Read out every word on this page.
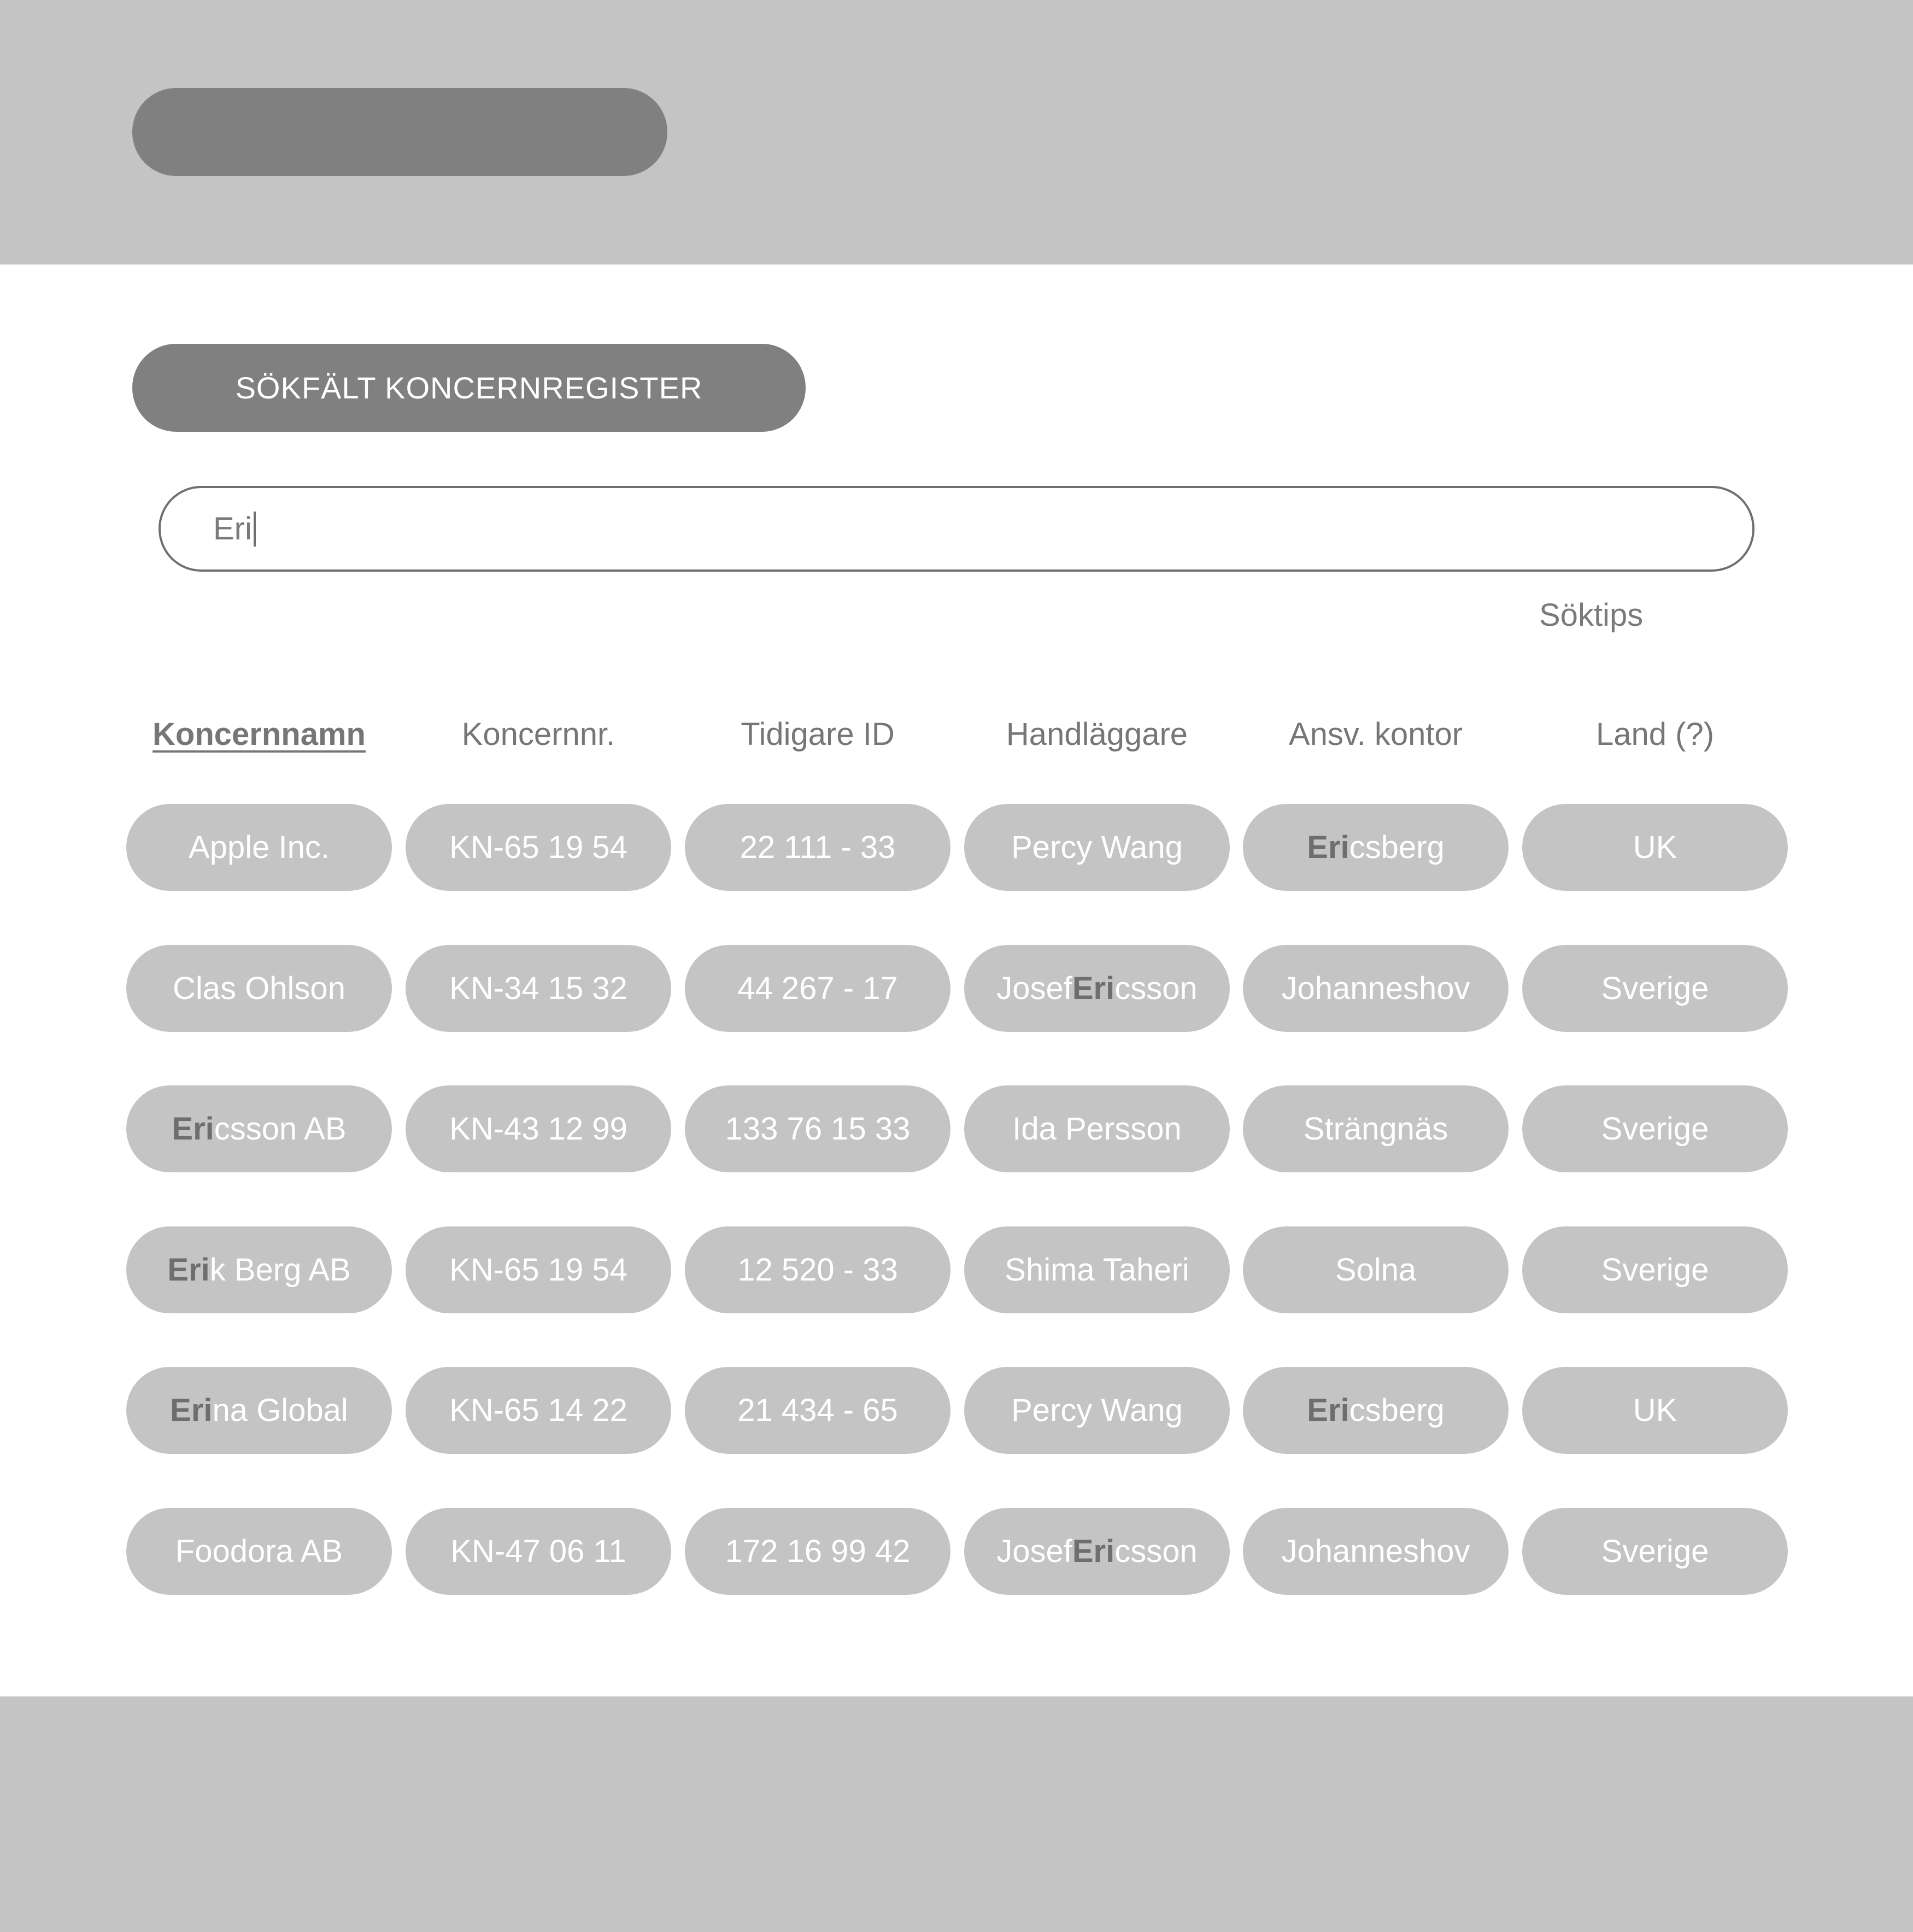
SÖKFÄLT KONCERNREGISTER
Eri
Söktips
Koncernnamn	Koncernnr.	Tidigare ID	Handläggare	Ansv. kontor	Land (?)
Apple Inc.	KN-65 19 54	22 111 - 33	Percy Wang	Eri csberg	UK
Clas Ohlson	KN-34 15 32	44 267 - 17	Josef Eri csson	Johanneshov	Sverige
Eri csson AB	KN-43 12 99	133 76 15 33	Ida Persson	Strängnäs	Sverige
Eri k Berg AB	KN-65 19 54	12 520 - 33	Shima Taheri	Solna	Sverige
Eri na Global	KN-65 14 22	21 434 - 65	Percy Wang	Eri csberg	UK
Foodora AB	KN-47 06 11	172 16 99 42	Josef Eri csson	Johanneshov	Sverige
